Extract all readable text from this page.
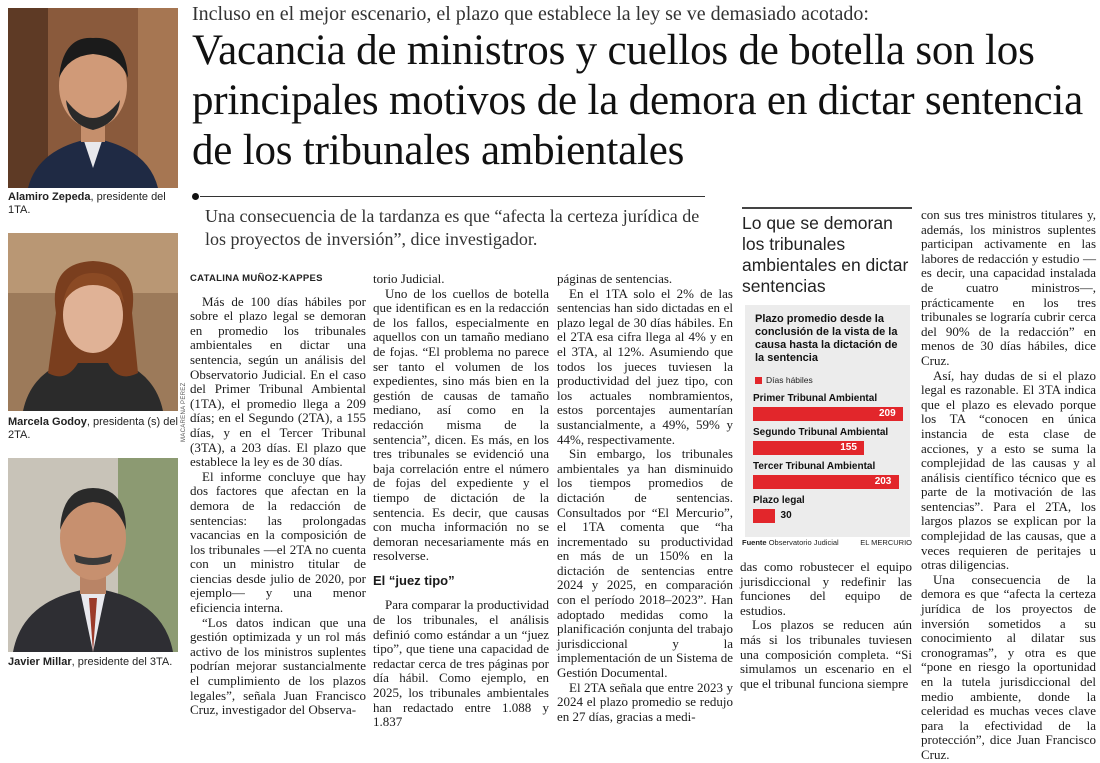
Alamiro Zepeda, presidente del 1TA.
Marcela Godoy, presidenta (s) del 2TA.	MACARENA PÉREZ
Javier Millar, presidente del 3TA.
Incluso en el mejor escenario, el plazo que establece la ley se ve demasiado acotado:
Vacancia de ministros y cuellos de botella son los principales motivos de la demora en dictar sentencia de los tribunales ambientales
Una consecuencia de la tardanza es que “afecta la certeza jurídica de los proyectos de inversión”, dice investigador.

CATALINA MUÑOZ-KAPPES

Más de 100 días hábiles por sobre el plazo legal se demoran en promedio los tribunales ambientales en dictar una sentencia, según un análisis del Observatorio Judicial. En el caso del Primer Tribunal Ambiental (1TA), el promedio llega a 209 días; en el Segundo (2TA), a 155 días, y en el Tercer Tribunal (3TA), a 203 días. El plazo que establece la ley es de 30 días.

El informe concluye que hay dos factores que afectan en la demora de la redacción de sentencias: las prolongadas vacancias en la composición de los tribunales —el 2TA no cuenta con un ministro titular de ciencias desde julio de 2020, por ejemplo— y una menor eficiencia interna.

“Los datos indican que una gestión optimizada y un rol más activo de los ministros suplentes podrían mejorar sustancialmente el cumplimiento de los plazos legales”, señala Juan Francisco Cruz, investigador del Observa-

torio Judicial.

Uno de los cuellos de botella que identifican es en la redacción de los fallos, especialmente en aquellos con un tamaño mediano de fojas. “El problema no parece ser tanto el volumen de los expedientes, sino más bien en la gestión de causas de tamaño mediano, así como en la redacción misma de la sentencia”, dicen. Es más, en los tres tribunales se evidenció una baja correlación entre el número de fojas del expediente y el tiempo de dictación de la sentencia. Es decir, que causas con mucha información no se demoran necesariamente más en resolverse.

El “juez tipo”

Para comparar la productividad de los tribunales, el análisis definió como estándar a un “juez tipo”, que tiene una capacidad de redactar cerca de tres páginas por día hábil. Como ejemplo, en 2025, los tribunales ambientales han redactado entre 1.088 y 1.837

páginas de sentencias.

En el 1TA solo el 2% de las sentencias han sido dictadas en el plazo legal de 30 días hábiles. En el 2TA esa cifra llega al 4% y en el 3TA, al 12%. Asumiendo que todos los jueces tuviesen la productividad del juez tipo, con los actuales nombramientos, estos porcentajes aumentarían sustancialmente, a 49%, 59% y 44%, respectivamente.

Sin embargo, los tribunales ambientales ya han disminuido los tiempos promedios de dictación de sentencias. Consultados por “El Mercurio”, el 1TA comenta que “ha incrementado su productividad en más de un 150% en la dictación de sentencias entre 2024 y 2025, en comparación con el período 2018–2023”. Han adoptado medidas como la planificación conjunta del trabajo jurisdiccional y la implementación de un Sistema de Gestión Documental.

El 2TA señala que entre 2023 y 2024 el plazo promedio se redujo en 27 días, gracias a medi-

Lo que se demoran los tribunales ambientales en dictar sentencias
Plazo promedio desde la conclusión de la vista de la causa hasta la dictación de la sentencia
Días hábiles
Primer Tribunal Ambiental
209
Segundo Tribunal Ambiental
155
Tercer Tribunal Ambiental
203
Plazo legal
30
Fuente Observatorio Judicial	EL MERCURIO

das como robustecer el equipo jurisdiccional y redefinir las funciones del equipo de estudios.

Los plazos se reducen aún más si los tribunales tuviesen una composición completa. “Si simulamos un escenario en el que el tribunal funciona siempre

con sus tres ministros titulares y, además, los ministros suplentes participan activamente en las labores de redacción y estudio —es decir, una capacidad instalada de cuatro ministros—, prácticamente en los tres tribunales se lograría cubrir cerca del 90% de la redacción” en menos de 30 días hábiles, dice Cruz.

Así, hay dudas de si el plazo legal es razonable. El 3TA indica que el plazo es elevado porque los TA “conocen en única instancia de esta clase de acciones, y a esto se suma la complejidad de las causas y al análisis científico técnico que es parte de la motivación de las sentencias”. Para el 2TA, los largos plazos se explican por la complejidad de las causas, que a veces requieren de peritajes u otras diligencias.

Una consecuencia de la demora es que “afecta la certeza jurídica de los proyectos de inversión sometidos a su conocimiento al dilatar sus cronogramas”, y otra es que “pone en riesgo la oportunidad en la tutela jurisdiccional del medio ambiente, donde la celeridad es muchas veces clave para la efectividad de la protección”, dice Juan Francisco Cruz.
